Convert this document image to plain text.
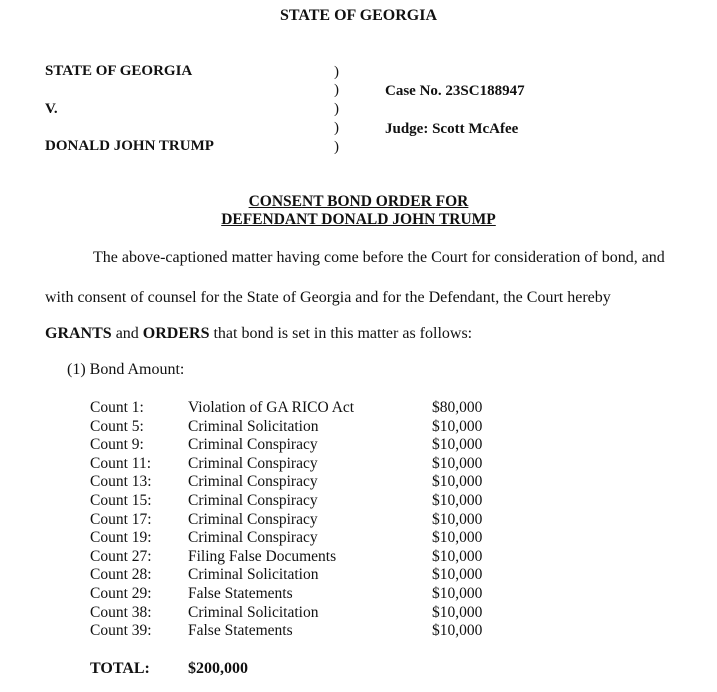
STATE OF GEORGIA
STATE OF GEORGIA
V.
DONALD JOHN TRUMP
)
)
)
)
)
Case No. 23SC188947
Judge: Scott McAfee
CONSENT BOND ORDER FOR
DEFENDANT DONALD JOHN TRUMP
The above-captioned matter having come before the Court for consideration of bond, and
with consent of counsel for the State of Georgia and for the Defendant, the Court hereby
GRANTS and ORDERS that bond is set in this matter as follows:
(1) Bond Amount:
Count 1:	Violation of GA RICO Act	$80,000
Count 5:	Criminal Solicitation	$10,000
Count 9:	Criminal Conspiracy	$10,000
Count 11: Criminal Conspiracy	$10,000
Count 13: Criminal Conspiracy	$10,000
Count 15: Criminal Conspiracy	$10,000
Count 17: Criminal Conspiracy	$10,000
Count 19: Criminal Conspiracy	$10,000
Count 27: Filing False Documents	$10,000
Count 28: Criminal Solicitation	$10,000
Count 29: False Statements	$10,000
Count 38: Criminal Solicitation	$10,000
Count 39: False Statements	$10,000
TOTAL: $200,000
